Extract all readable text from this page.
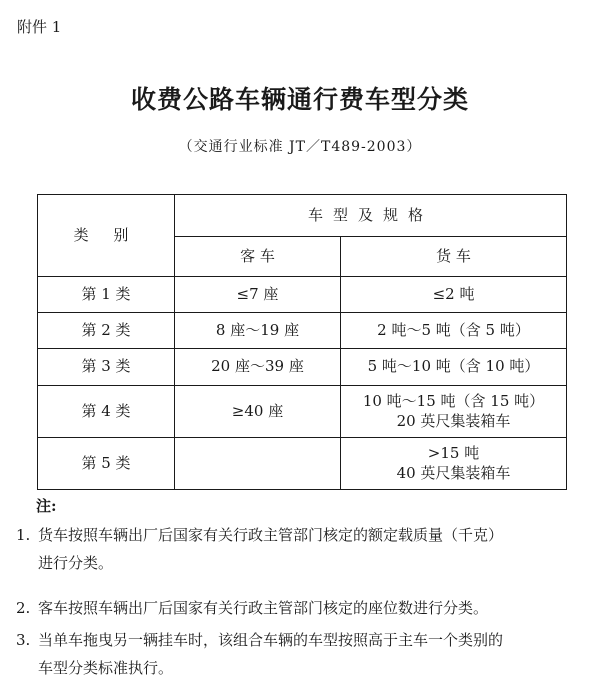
附件 1
收费公路车辆通行费车型分类
（交通行业标准 JT／T489-2003）
类 别	车型及规格	
	客 车	货 车
第 1 类	≤7 座	≤2 吨

第 2 类	8 座～19 座	2 吨～5 吨（含 5 吨）

第 3 类	20 座～39 座	5 吨～10 吨（含 10 吨）

第 4 类	≥40 座	10 吨～15 吨（含 15 吨）
20 英尺集装箱车

第 5 类		>15 吨
40 英尺集装箱车
注:
1. 货车按照车辆出厂后国家有关行政主管部门核定的额定载质量（千克）
进行分类。
2. 客车按照车辆出厂后国家有关行政主管部门核定的座位数进行分类。
3. 当单车拖曳另一辆挂车时，该组合车辆的车型按照高于主车一个类别的
车型分类标准执行。
